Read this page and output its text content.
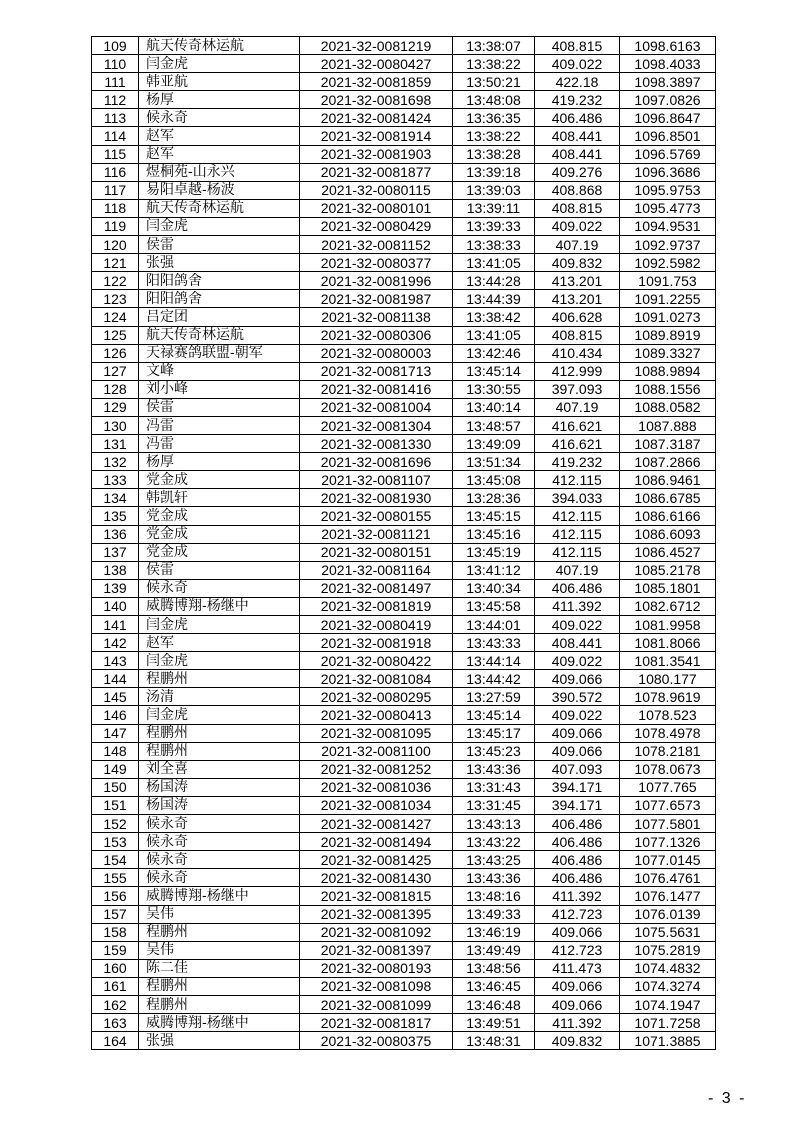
109	航天传奇林运航	2021-32-0081219	13:38:07	408.815	1098.6163
110	闫金虎	2021-32-0080427	13:38:22	409.022	1098.4033
111	韩亚航	2021-32-0081859	13:50:21	422.18	1098.3897
112	杨厚	2021-32-0081698	13:48:08	419.232	1097.0826
113	候永奇	2021-32-0081424	13:36:35	406.486	1096.8647
114	赵军	2021-32-0081914	13:38:22	408.441	1096.8501
115	赵军	2021-32-0081903	13:38:28	408.441	1096.5769
116	煜桐苑-山永兴	2021-32-0081877	13:39:18	409.276	1096.3686
117	易阳卓越-杨波	2021-32-0080115	13:39:03	408.868	1095.9753
118	航天传奇林运航	2021-32-0080101	13:39:11	408.815	1095.4773
119	闫金虎	2021-32-0080429	13:39:33	409.022	1094.9531
120	侯雷	2021-32-0081152	13:38:33	407.19	1092.9737
121	张强	2021-32-0080377	13:41:05	409.832	1092.5982
122	阳阳鸽舍	2021-32-0081996	13:44:28	413.201	1091.753
123	阳阳鸽舍	2021-32-0081987	13:44:39	413.201	1091.2255
124	吕定团	2021-32-0081138	13:38:42	406.628	1091.0273
125	航天传奇林运航	2021-32-0080306	13:41:05	408.815	1089.8919
126	天禄赛鸽联盟-朝军	2021-32-0080003	13:42:46	410.434	1089.3327
127	文峰	2021-32-0081713	13:45:14	412.999	1088.9894
128	刘小峰	2021-32-0081416	13:30:55	397.093	1088.1556
129	侯雷	2021-32-0081004	13:40:14	407.19	1088.0582
130	冯雷	2021-32-0081304	13:48:57	416.621	1087.888
131	冯雷	2021-32-0081330	13:49:09	416.621	1087.3187
132	杨厚	2021-32-0081696	13:51:34	419.232	1087.2866
133	党金成	2021-32-0081107	13:45:08	412.115	1086.9461
134	韩凯轩	2021-32-0081930	13:28:36	394.033	1086.6785
135	党金成	2021-32-0080155	13:45:15	412.115	1086.6166
136	党金成	2021-32-0081121	13:45:16	412.115	1086.6093
137	党金成	2021-32-0080151	13:45:19	412.115	1086.4527
138	侯雷	2021-32-0081164	13:41:12	407.19	1085.2178
139	候永奇	2021-32-0081497	13:40:34	406.486	1085.1801
140	威腾博翔-杨继中	2021-32-0081819	13:45:58	411.392	1082.6712
141	闫金虎	2021-32-0080419	13:44:01	409.022	1081.9958
142	赵军	2021-32-0081918	13:43:33	408.441	1081.8066
143	闫金虎	2021-32-0080422	13:44:14	409.022	1081.3541
144	程鹏州	2021-32-0081084	13:44:42	409.066	1080.177
145	汤清	2021-32-0080295	13:27:59	390.572	1078.9619
146	闫金虎	2021-32-0080413	13:45:14	409.022	1078.523
147	程鹏州	2021-32-0081095	13:45:17	409.066	1078.4978
148	程鹏州	2021-32-0081100	13:45:23	409.066	1078.2181
149	刘全喜	2021-32-0081252	13:43:36	407.093	1078.0673
150	杨国涛	2021-32-0081036	13:31:43	394.171	1077.765
151	杨国涛	2021-32-0081034	13:31:45	394.171	1077.6573
152	候永奇	2021-32-0081427	13:43:13	406.486	1077.5801
153	候永奇	2021-32-0081494	13:43:22	406.486	1077.1326
154	候永奇	2021-32-0081425	13:43:25	406.486	1077.0145
155	候永奇	2021-32-0081430	13:43:36	406.486	1076.4761
156	威腾博翔-杨继中	2021-32-0081815	13:48:16	411.392	1076.1477
157	吴伟	2021-32-0081395	13:49:33	412.723	1076.0139
158	程鹏州	2021-32-0081092	13:46:19	409.066	1075.5631
159	吴伟	2021-32-0081397	13:49:49	412.723	1075.2819
160	陈二佳	2021-32-0080193	13:48:56	411.473	1074.4832
161	程鹏州	2021-32-0081098	13:46:45	409.066	1074.3274
162	程鹏州	2021-32-0081099	13:46:48	409.066	1074.1947
163	威腾博翔-杨继中	2021-32-0081817	13:49:51	411.392	1071.7258
164	张强	2021-32-0080375	13:48:31	409.832	1071.3885
- 3 -
